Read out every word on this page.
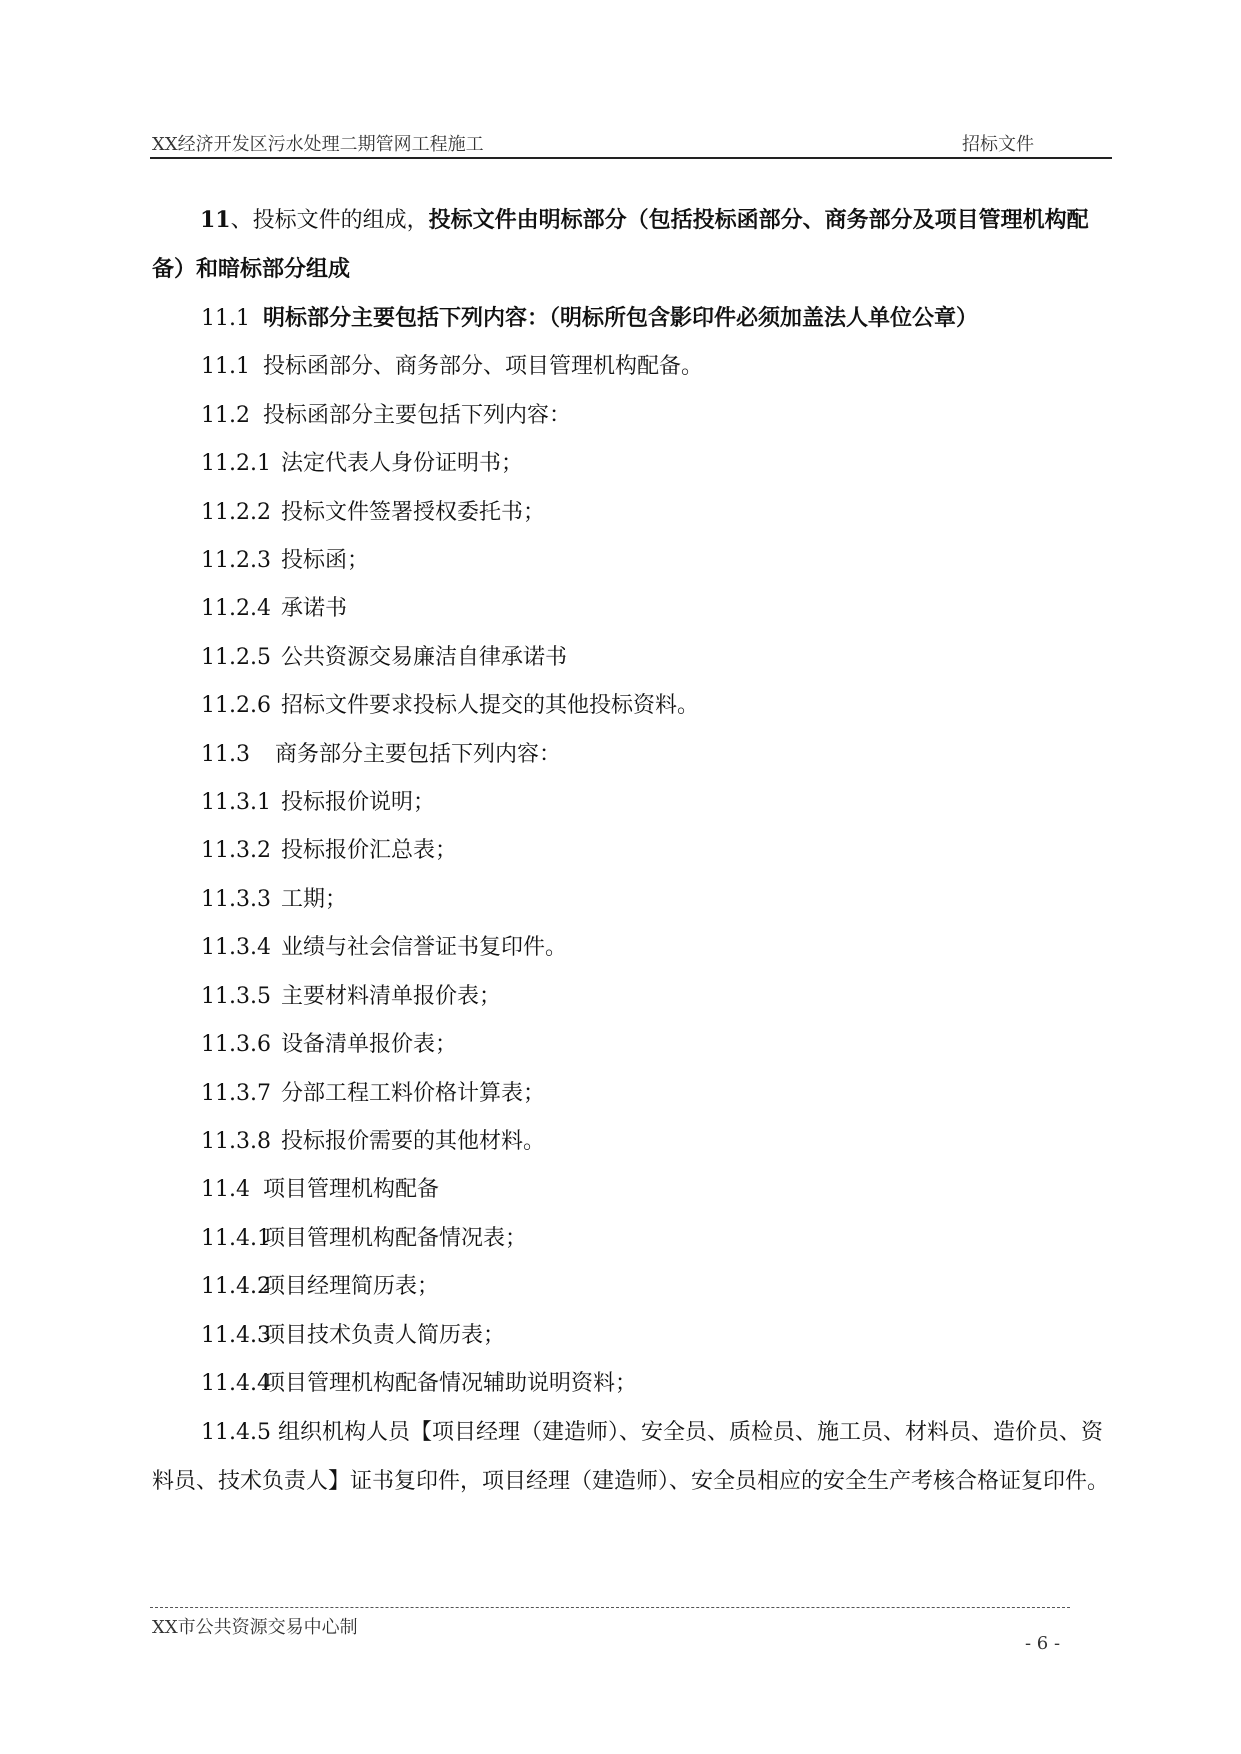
XX经济开发区污水处理二期管网工程施工	招标文件
11、投标文件的组成，投标文件由明标部分（包括投标函部分、商务部分及项目管理机构配备）和暗标部分组成
11.1 明标部分主要包括下列内容：（明标所包含影印件必须加盖法人单位公章）
11.1 投标函部分、商务部分、项目管理机构配备。
11.2 投标函部分主要包括下列内容：
11.2.1 法定代表人身份证明书；
11.2.2 投标文件签署授权委托书；
11.2.3 投标函；
11.2.4 承诺书
11.2.5 公共资源交易廉洁自律承诺书
11.2.6 招标文件要求投标人提交的其他投标资料。
11.3 商务部分主要包括下列内容：
11.3.1 投标报价说明；
11.3.2 投标报价汇总表；
11.3.3 工期；
11.3.4 业绩与社会信誉证书复印件。
11.3.5 主要材料清单报价表；
11.3.6 设备清单报价表；
11.3.7 分部工程工料价格计算表；
11.3.8 投标报价需要的其他材料。
11.4 项目管理机构配备
11.4.1项目管理机构配备情况表；
11.4.2项目经理简历表；
11.4.3项目技术负责人简历表；
11.4.4项目管理机构配备情况辅助说明资料；
11.4.5 组织机构人员【项目经理（建造师）、安全员、质检员、施工员、材料员、造价员、资料员、技术负责人】证书复印件，项目经理（建造师）、安全员相应的安全生产考核合格证复印件。
XX市公共资源交易中心制
- 6 -
